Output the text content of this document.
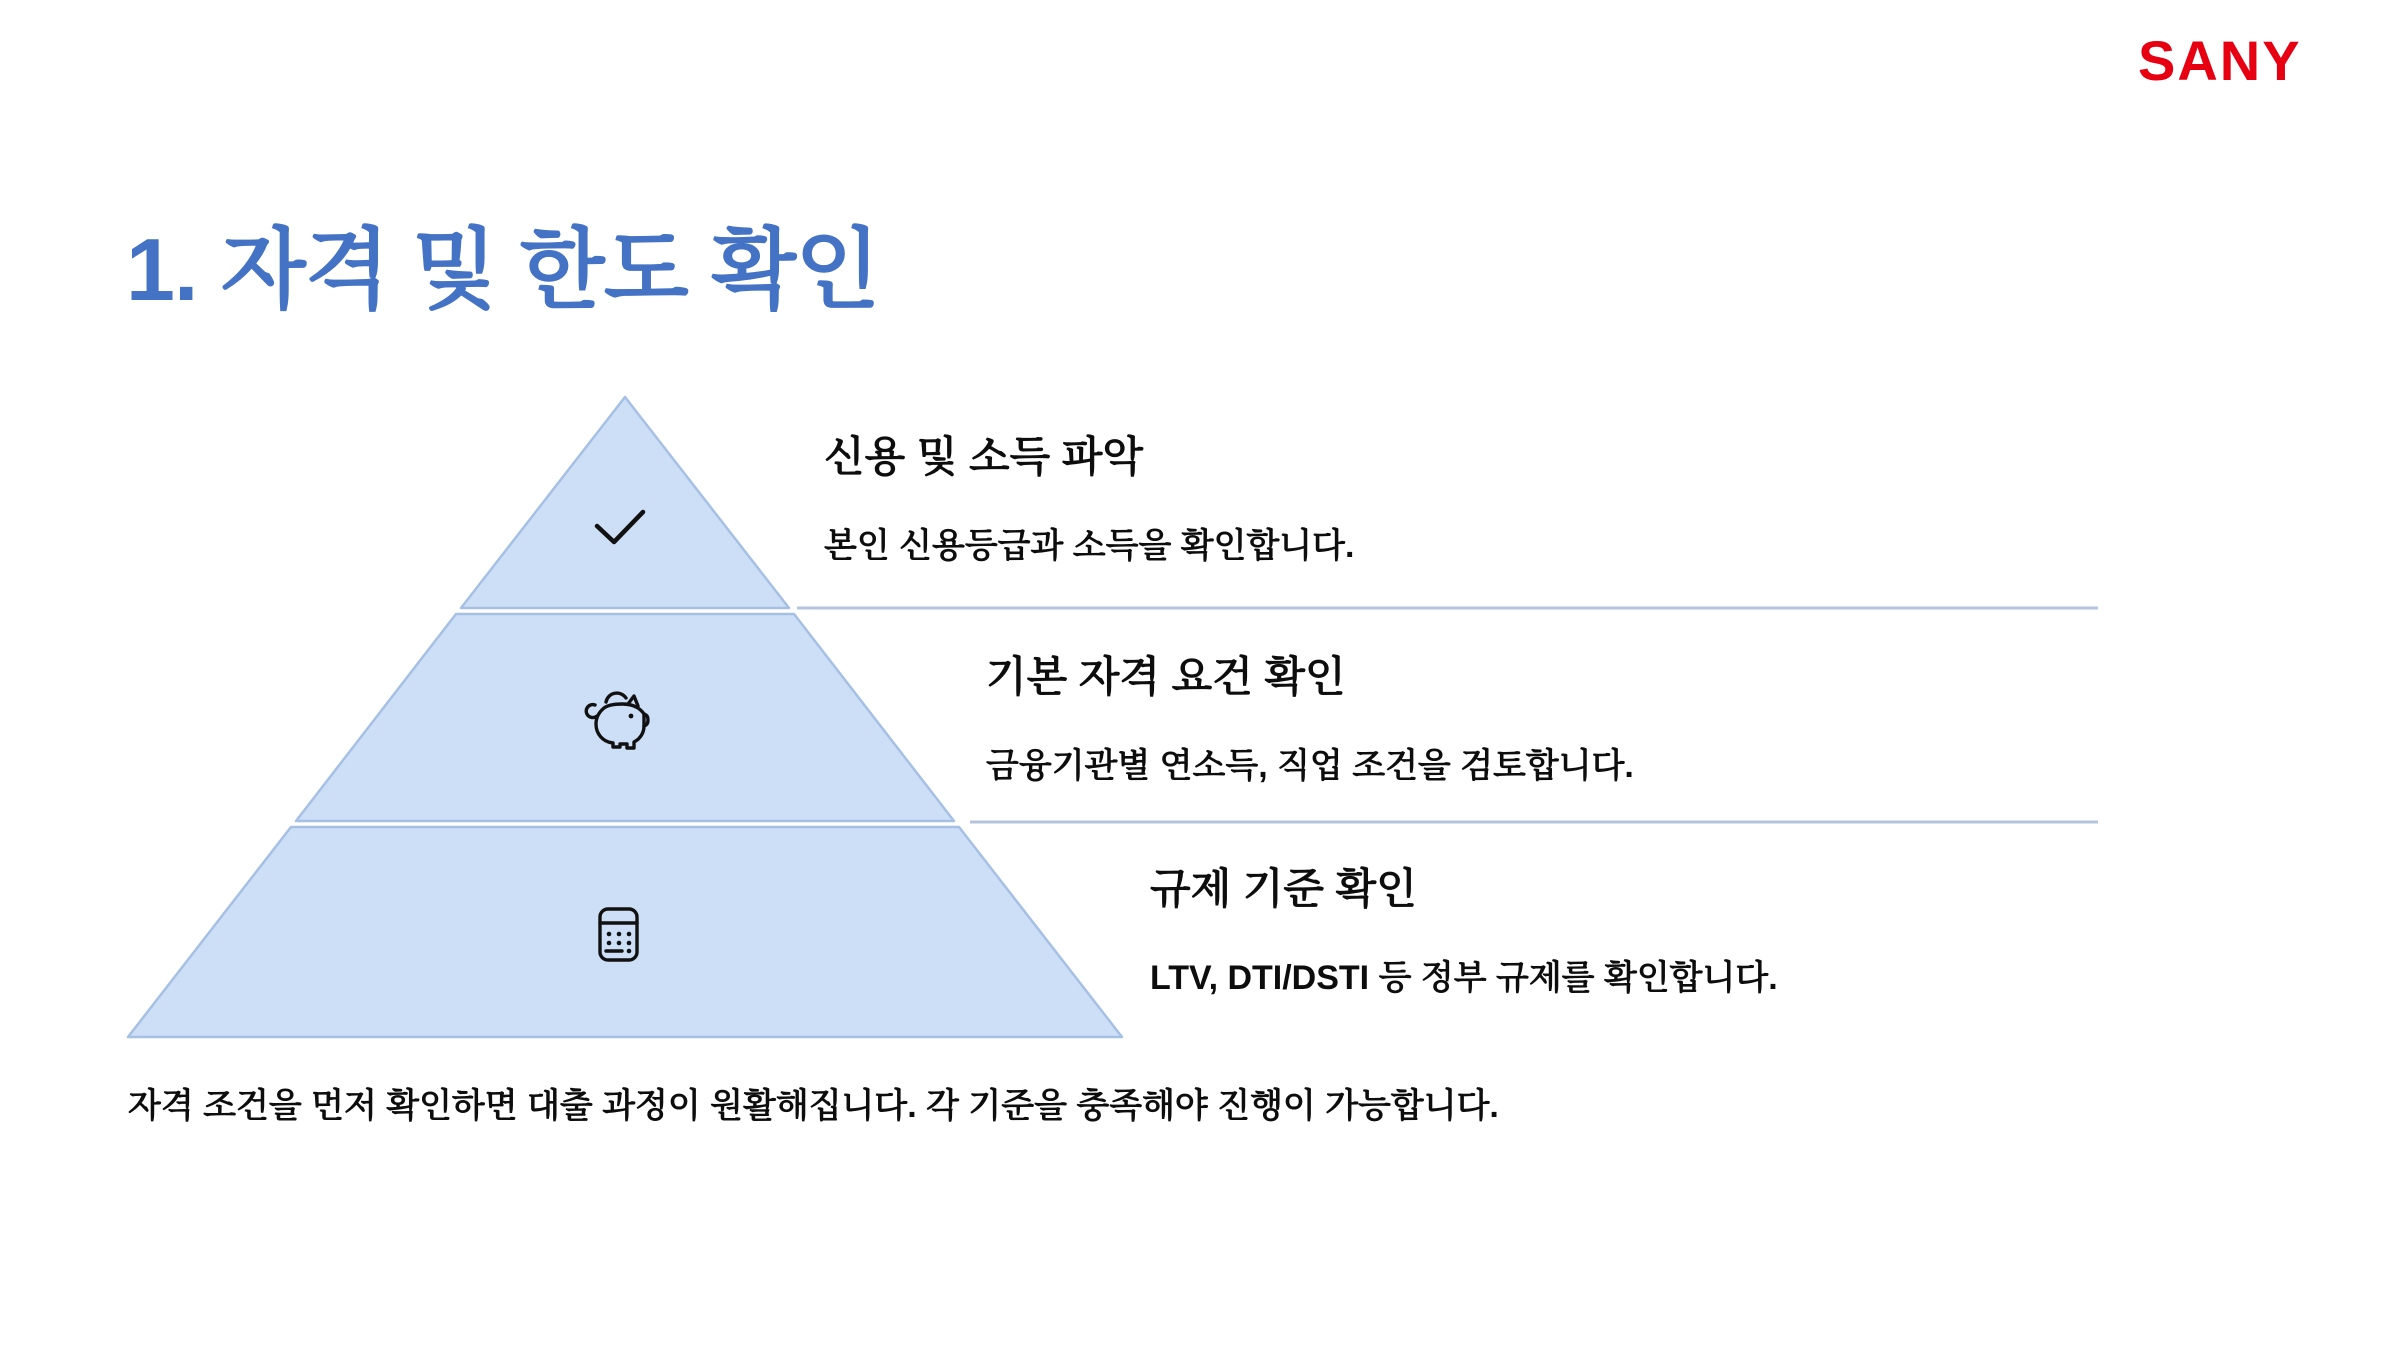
SANY
1. 자격 및 한도 확인
신용 및 소득 파악

본인 신용등급과 소득을 확인합니다.

기본 자격 요건 확인

금융기관별 연소득, 직업 조건을 검토합니다.

규제 기준 확인

LTV, DTI/DSTI 등 정부 규제를 확인합니다.

자격 조건을 먼저 확인하면 대출 과정이 원활해집니다. 각 기준을 충족해야 진행이 가능합니다.
